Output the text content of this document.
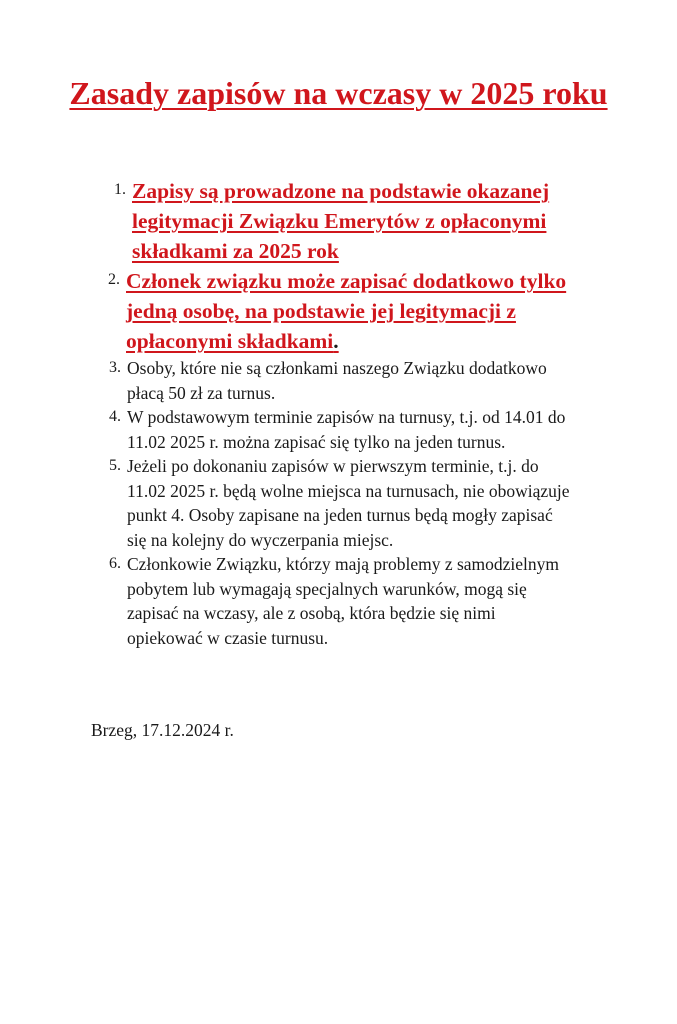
Zasady zapisów na wczasy w 2025 roku
1. Zapisy są prowadzone na podstawie okazanej legitymacji Związku Emerytów z opłaconymi składkami za 2025 rok
2. Członek związku może zapisać dodatkowo tylko jedną osobę, na podstawie jej legitymacji z opłaconymi składkami.
3. Osoby, które nie są członkami naszego Związku dodatkowo płacą 50 zł za turnus.
4. W podstawowym terminie zapisów na turnusy, t.j. od 14.01 do 11.02 2025 r. można zapisać się tylko na jeden turnus.
5. Jeżeli po dokonaniu zapisów w pierwszym terminie, t.j. do 11.02 2025 r. będą wolne miejsca na turnusach, nie obowiązuje punkt 4. Osoby zapisane na jeden turnus będą mogły zapisać się na kolejny do wyczerpania miejsc.
6. Członkowie Związku, którzy mają problemy z samodzielnym pobytem lub wymagają specjalnych warunków, mogą się zapisać na wczasy, ale z osobą, która będzie się nimi opiekować w czasie turnusu.

Brzeg, 17.12.2024 r.
